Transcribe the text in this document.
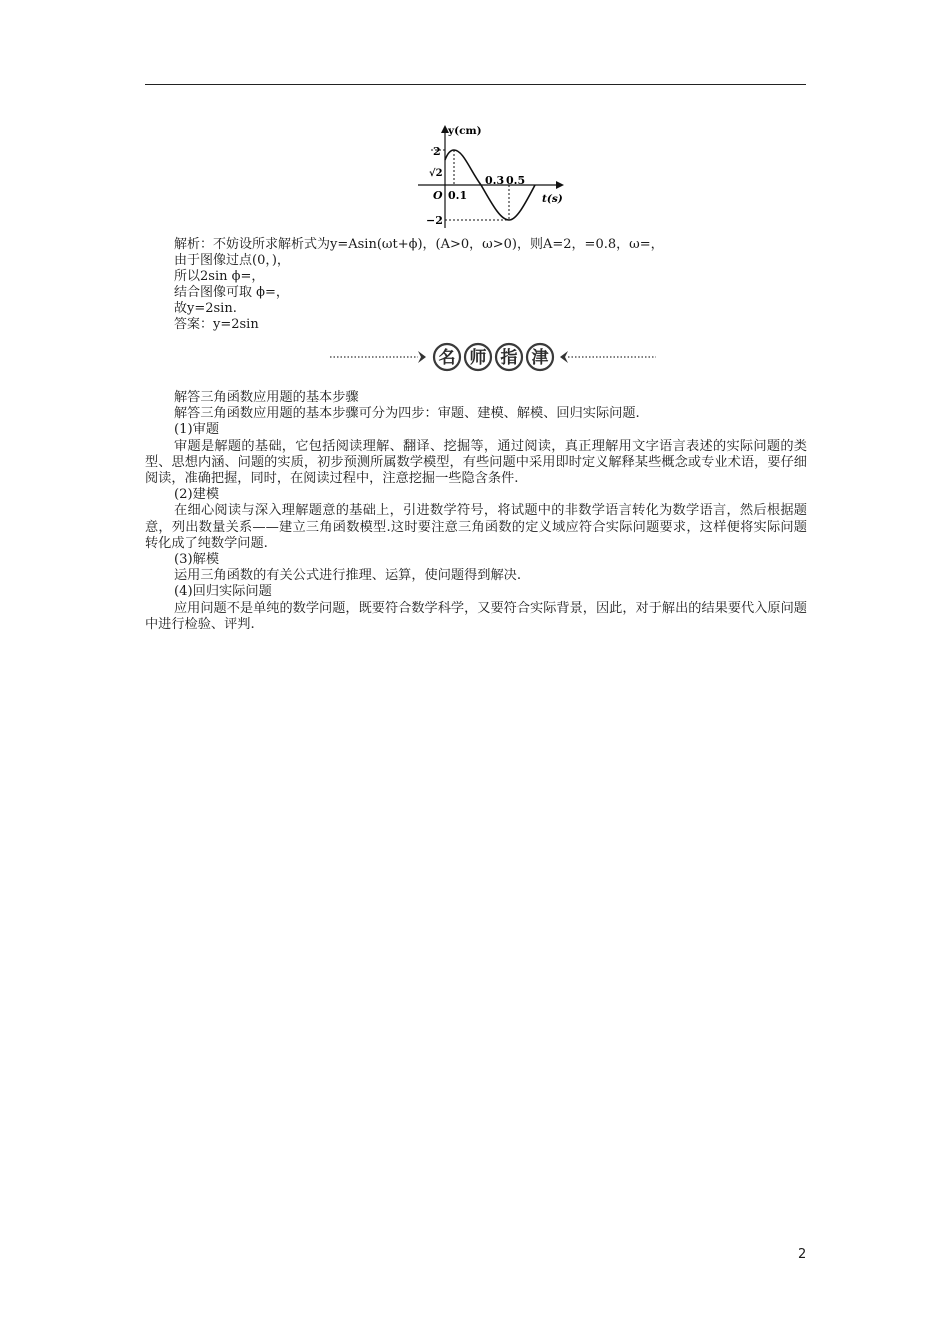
y(cm)
2
√2
O 0.1
0.3 0.5
−2
t(s)
解析：不妨设所求解析式为y=Asin(ωt+ϕ)，(A>0，ω>0)，则A=2，=0.8，ω=，
由于图像过点(0，)，
所以2sin ϕ=，
结合图像可取 ϕ=，
故y=2sin.
答案：y=2sin
名 师 指 津

解答三角函数应用题的基本步骤

解答三角函数应用题的基本步骤可分为四步：审题、建模、解模、回归实际问题.

(1)审题

审题是解题的基础，它包括阅读理解、翻译、挖掘等，通过阅读，真正理解用文字语言表述的实际问题的类型、思想内涵、问题的实质，初步预测所属数学模型，有些问题中采用即时定义解释某些概念或专业术语，要仔细阅读，准确把握，同时，在阅读过程中，注意挖掘一些隐含条件.

(2)建模

在细心阅读与深入理解题意的基础上，引进数学符号，将试题中的非数学语言转化为数学语言，然后根据题意，列出数量关系——建立三角函数模型.这时要注意三角函数的定义域应符合实际问题要求，这样便将实际问题转化成了纯数学问题.

(3)解模

运用三角函数的有关公式进行推理、运算，使问题得到解决.

(4)回归实际问题

应用问题不是单纯的数学问题，既要符合数学科学，又要符合实际背景，因此，对于解出的结果要代入原问题中进行检验、评判.

2
